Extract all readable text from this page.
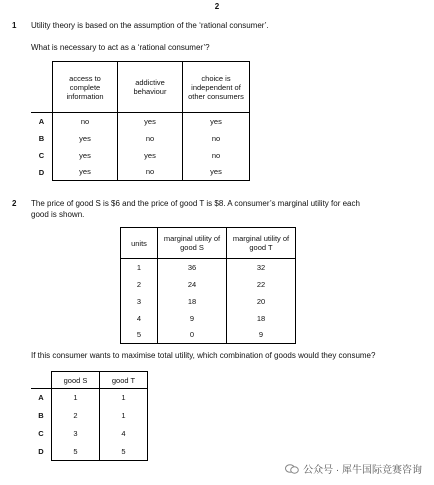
2
1 Utility theory is based on the assumption of the ‘rational consumer’.
What is necessary to act as a ‘rational consumer’?
	access to complete information	addictive behaviour	choice is independent of other consumers
A	no	yes	yes
B	yes	no	no
C	yes	yes	no
D	yes	no	yes
2 The price of good S is $6 and the price of good T is $8. A consumer’s marginal utility for each
good is shown.
units	marginal utility of good S	marginal utility of good T
1	36	32
2	24	22
3	18	20
4	9	18
5	0	9
If this consumer wants to maximise total utility, which combination of goods would they consume?
	good S	good T
A	1	1
B	2	1
C	3	4
D	5	5
公众号 · 犀牛国际竞赛咨询
